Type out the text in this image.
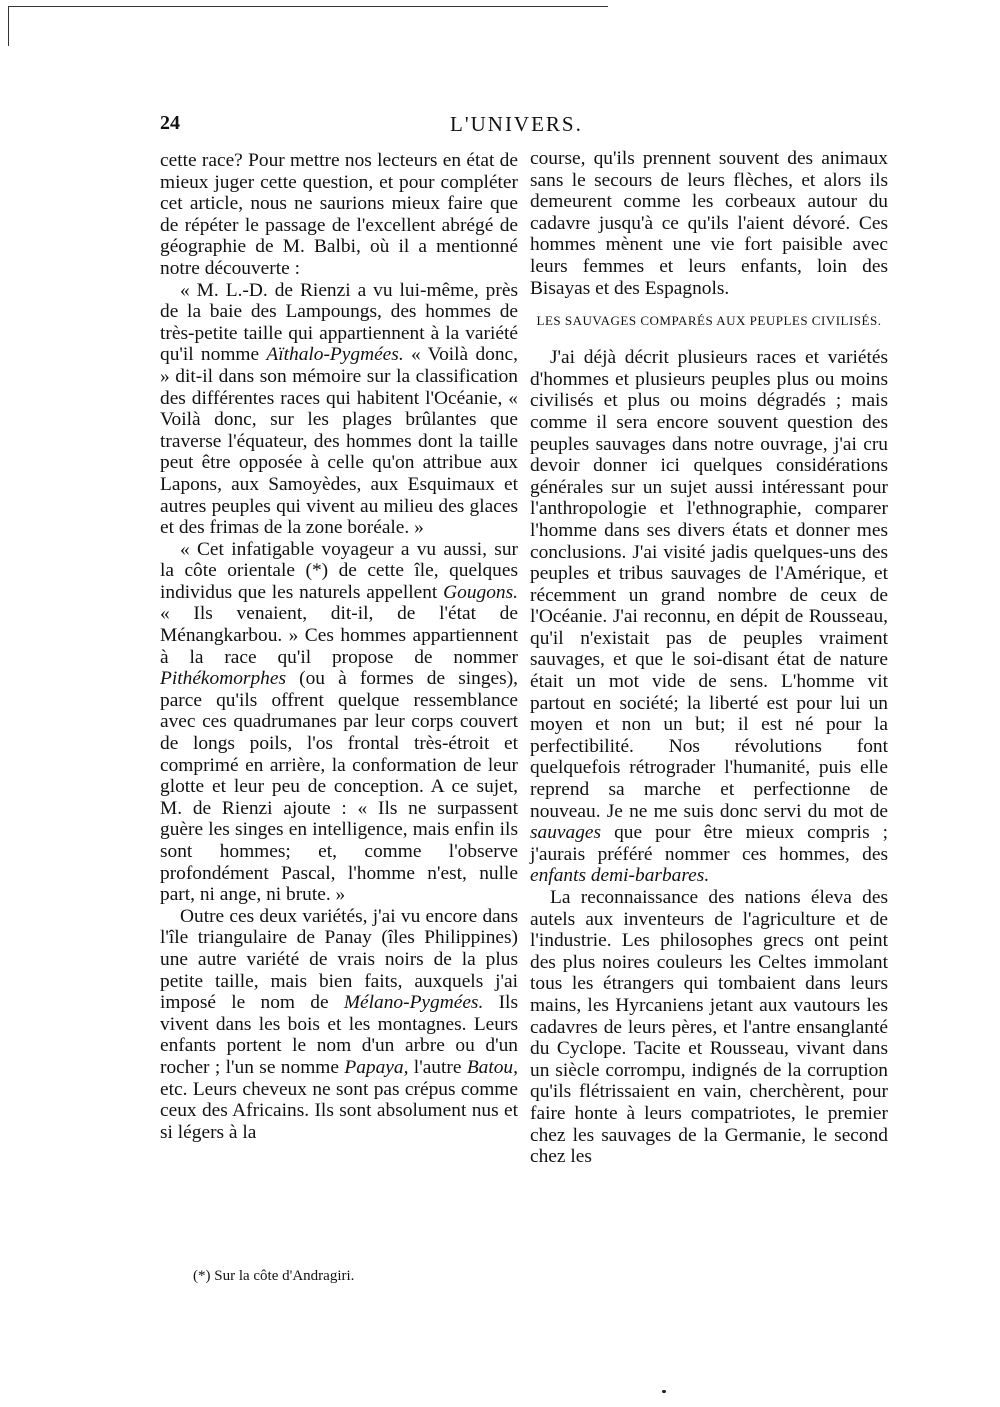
24	L'UNIVERS.

cette race? Pour mettre nos lecteurs en état de mieux juger cette question, et pour compléter cet article, nous ne saurions mieux faire que de répéter le passage de l'excellent abrégé de géographie de M. Balbi, où il a mentionné notre découverte :

« M. L.-D. de Rienzi a vu lui-même, près de la baie des Lampoungs, des hommes de très-petite taille qui appartiennent à la variété qu'il nomme Aïthalo-Pygmées. « Voilà donc, » dit-il dans son mémoire sur la classification des différentes races qui habitent l'Océanie, « Voilà donc, sur les plages brûlantes que traverse l'équateur, des hommes dont la taille peut être opposée à celle qu'on attribue aux Lapons, aux Samoyèdes, aux Esquimaux et autres peuples qui vivent au milieu des glaces et des frimas de la zone boréale. »

« Cet infatigable voyageur a vu aussi, sur la côte orientale (*) de cette île, quelques individus que les naturels appellent Gougons. « Ils venaient, dit-il, de l'état de Ménangkarbou. » Ces hommes appartiennent à la race qu'il propose de nommer Pithékomorphes (ou à formes de singes), parce qu'ils offrent quelque ressemblance avec ces quadrumanes par leur corps couvert de longs poils, l'os frontal très-étroit et comprimé en arrière, la conformation de leur glotte et leur peu de conception. A ce sujet, M. de Rienzi ajoute : « Ils ne surpassent guère les singes en intelligence, mais enfin ils sont hommes; et, comme l'observe profondément Pascal, l'homme n'est, nulle part, ni ange, ni brute. »

Outre ces deux variétés, j'ai vu encore dans l'île triangulaire de Panay (îles Philippines) une autre variété de vrais noirs de la plus petite taille, mais bien faits, auxquels j'ai imposé le nom de Mélano-Pygmées. Ils vivent dans les bois et les montagnes. Leurs enfants portent le nom d'un arbre ou d'un rocher ; l'un se nomme Papaya, l'autre Batou, etc. Leurs cheveux ne sont pas crépus comme ceux des Africains. Ils sont absolument nus et si légers à la

course, qu'ils prennent souvent des animaux sans le secours de leurs flèches, et alors ils demeurent comme les corbeaux autour du cadavre jusqu'à ce qu'ils l'aient dévoré. Ces hommes mènent une vie fort paisible avec leurs femmes et leurs enfants, loin des Bisayas et des Espagnols.

LES SAUVAGES COMPARÉS AUX PEUPLES CIVILISÉS.

J'ai déjà décrit plusieurs races et variétés d'hommes et plusieurs peuples plus ou moins civilisés et plus ou moins dégradés ; mais comme il sera encore souvent question des peuples sauvages dans notre ouvrage, j'ai cru devoir donner ici quelques considérations générales sur un sujet aussi intéressant pour l'anthropologie et l'ethnographie, comparer l'homme dans ses divers états et donner mes conclusions. J'ai visité jadis quelques-uns des peuples et tribus sauvages de l'Amérique, et récemment un grand nombre de ceux de l'Océanie. J'ai reconnu, en dépit de Rousseau, qu'il n'existait pas de peuples vraiment sauvages, et que le soi-disant état de nature était un mot vide de sens. L'homme vit partout en société; la liberté est pour lui un moyen et non un but; il est né pour la perfectibilité. Nos révolutions font quelquefois rétrograder l'humanité, puis elle reprend sa marche et perfectionne de nouveau. Je ne me suis donc servi du mot de sauvages que pour être mieux compris ; j'aurais préféré nommer ces hommes, des enfants demi-barbares.

La reconnaissance des nations éleva des autels aux inventeurs de l'agriculture et de l'industrie. Les philosophes grecs ont peint des plus noires couleurs les Celtes immolant tous les étrangers qui tombaient dans leurs mains, les Hyrcaniens jetant aux vautours les cadavres de leurs pères, et l'antre ensanglanté du Cyclope. Tacite et Rousseau, vivant dans un siècle corrompu, indignés de la corruption qu'ils flétrissaient en vain, cherchèrent, pour faire honte à leurs compatriotes, le premier chez les sauvages de la Germanie, le second chez les

(*) Sur la côte d'Andragiri.
